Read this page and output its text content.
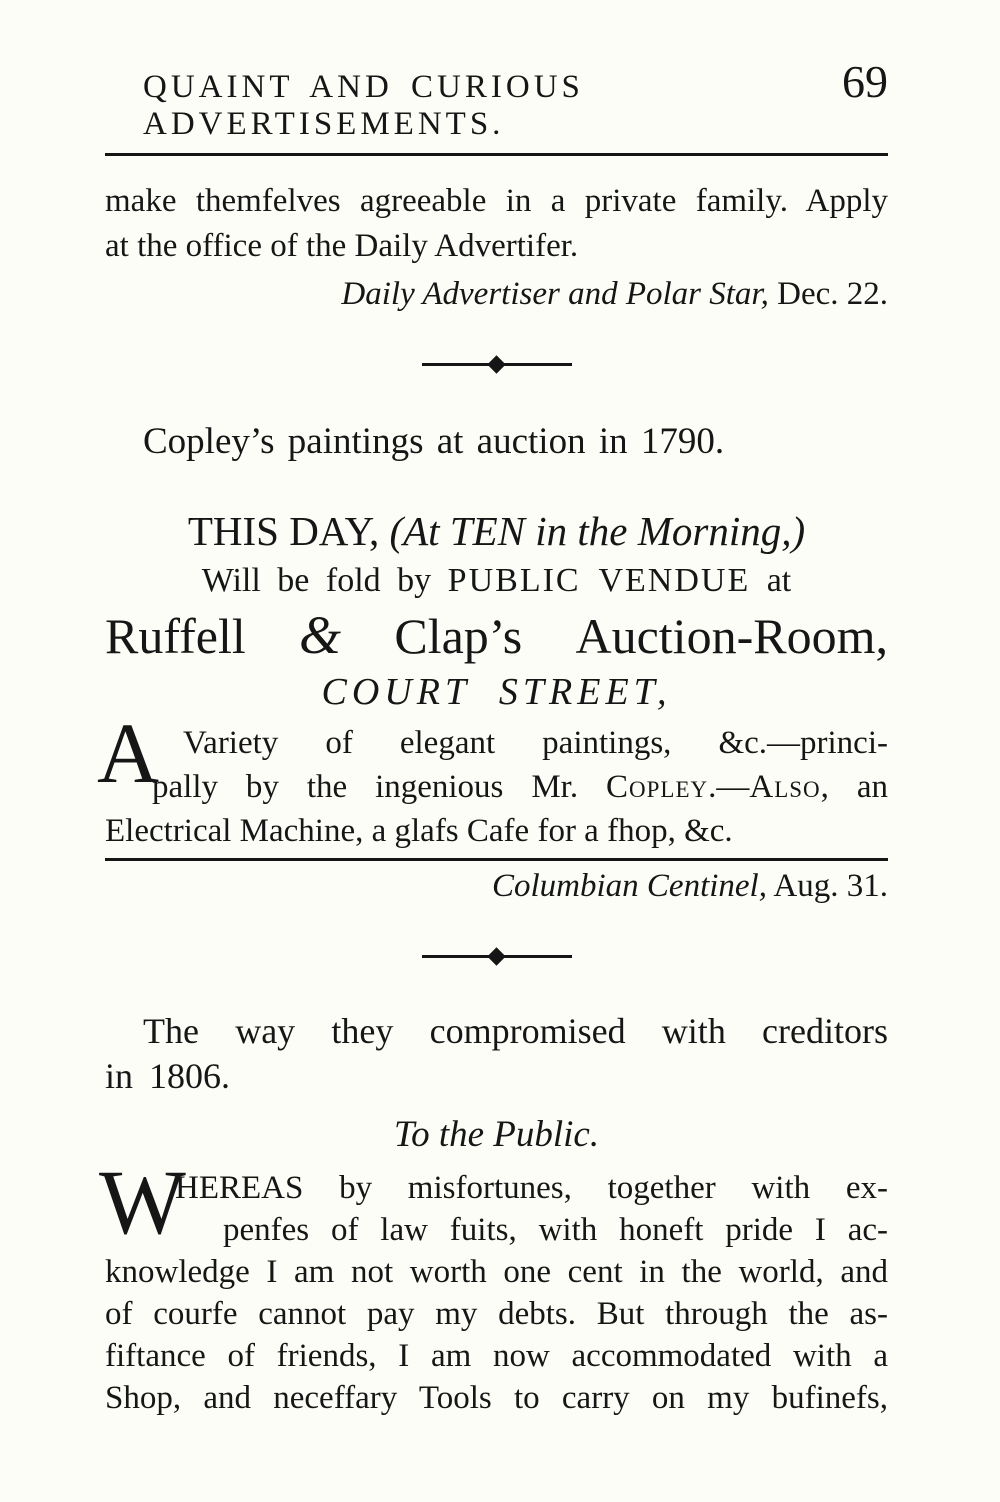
QUAINT AND CURIOUS ADVERTISEMENTS.
69
make themfelves agreeable in a private family. Apply
at the office of the Daily Advertifer.
Daily Advertiser and Polar Star, Dec. 22.
Copley’s paintings at auction in 1790.
THIS DAY, (At TEN in the Morning,)
Will be fold by PUBLIC VENDUE at
Ruffell & Clap’s Auction-Room,
COURT STREET,
A Variety of elegant paintings, &c.—princi-
pally by the ingenious Mr. Copley.—Also, an
Electrical Machine, a glafs Cafe for a fhop, &c.
Columbian Centinel, Aug. 31.
The way they compromised with creditors
in 1806.
To the Public.
W
HEREAS by misfortunes, together with ex-
penfes of law fuits, with honeft pride I ac-
knowledge I am not worth one cent in the world, and
of courfe cannot pay my debts. But through the as-
fiftance of friends, I am now accommodated with a
Shop, and neceffary Tools to carry on my bufinefs,
